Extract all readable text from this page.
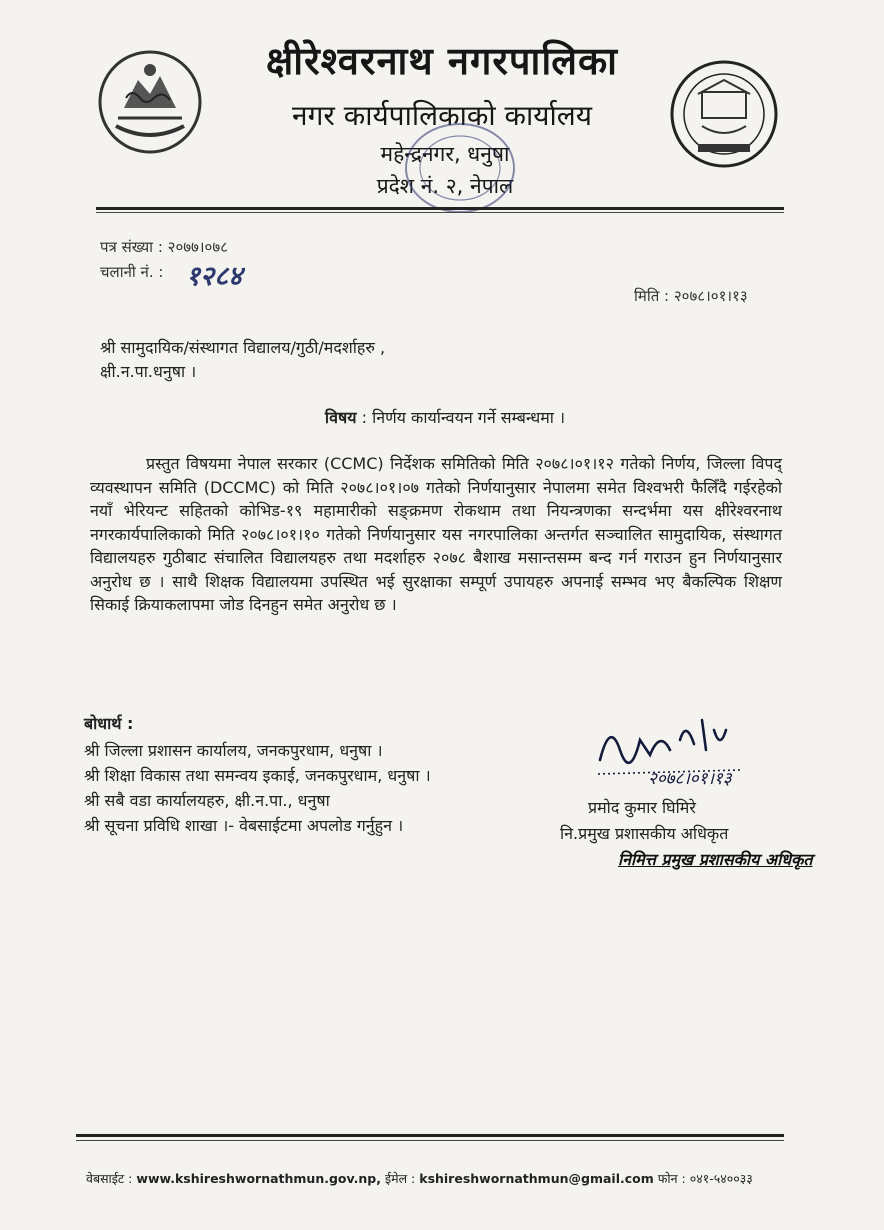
क्षीरेश्वरनाथ नगरपालिका
नगर कार्यपालिकाको कार्यालय
महेन्द्रनगर, धनुषा
प्रदेश नं. २, नेपाल
पत्र संख्या : २०७७।०७८
चलानी नं. : १२८४
मिति : २०७८।०१।१३
श्री सामुदायिक/संस्थागत विद्यालय/गुठी/मदर्शाहरु ,
क्षी.न.पा.धनुषा ।
विषय : निर्णय कार्यान्वयन गर्ने सम्बन्धमा ।
प्रस्तुत विषयमा नेपाल सरकार (CCMC) निर्देशक समितिको मिति २०७८।०१।१२ गतेको निर्णय, जिल्ला विपद् व्यवस्थापन समिति (DCCMC) को मिति २०७८।०१।०७ गतेको निर्णयानुसार नेपालमा समेत विश्वभरी फैलिँदै गईरहेको नयाँ भेरियन्ट सहितको कोभिड-१९ महामारीको सङ्क्रमण रोकथाम तथा नियन्त्रणका सन्दर्भमा यस क्षीरेश्वरनाथ नगरकार्यपालिकाको मिति २०७८।०१।१० गतेको निर्णयानुसार यस नगरपालिका अन्तर्गत सञ्चालित सामुदायिक, संस्थागत विद्यालयहरु गुठीबाट संचालित विद्यालयहरु तथा मदर्शाहरु २०७८ बैशाख मसान्तसम्म बन्द गर्न गराउन हुन निर्णयानुसार अनुरोध छ । साथै शिक्षक विद्यालयमा उपस्थित भई सुरक्षाका सम्पूर्ण उपायहरु अपनाई सम्भव भए बैकल्पिक शिक्षण सिकाई क्रियाकलापमा जोड दिनहुन समेत अनुरोध छ ।
बोधार्थ :
श्री जिल्ला प्रशासन कार्यालय, जनकपुरधाम, धनुषा ।
श्री शिक्षा विकास तथा समन्वय इकाई, जनकपुरधाम, धनुषा ।
श्री सबै वडा कार्यालयहरु, क्षी.न.पा., धनुषा
श्री सूचना प्रविधि शाखा ।- वेबसाईटमा अपलोड गर्नुहुन ।
२०७८।०१।१३
प्रमोद कुमार घिमिरे
नि.प्रमुख प्रशासकीय अधिकृत
निमित्त प्रमुख प्रशासकीय अधिकृत
वेबसाईट : www.kshireshwornathmun.gov.np, ईमेल : kshireshwornathmun@gmail.com फोन : ०४१-५४००३३
